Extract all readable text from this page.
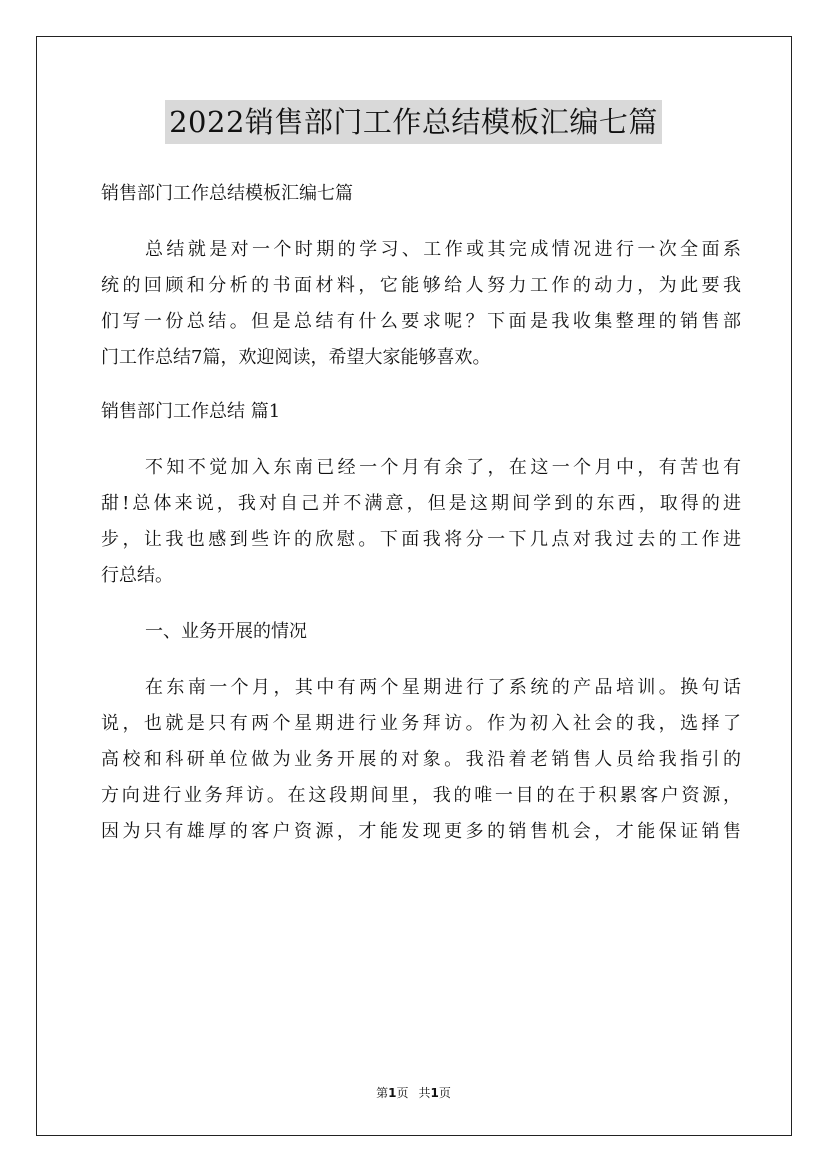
2022销售部门工作总结模板汇编七篇

销售部门工作总结模板汇编七篇

总结就是对一个时期的学习、工作或其完成情况进行一次全面系

统的回顾和分析的书面材料，它能够给人努力工作的动力，为此要我

们写一份总结。但是总结有什么要求呢？下面是我收集整理的销售部

门工作总结7篇，欢迎阅读，希望大家能够喜欢。

销售部门工作总结 篇1

不知不觉加入东南已经一个月有余了，在这一个月中，有苦也有

甜!总体来说，我对自己并不满意，但是这期间学到的东西，取得的进

步，让我也感到些许的欣慰。下面我将分一下几点对我过去的工作进

行总结。

一、业务开展的情况

在东南一个月，其中有两个星期进行了系统的产品培训。换句话

说，也就是只有两个星期进行业务拜访。作为初入社会的我，选择了

高校和科研单位做为业务开展的对象。我沿着老销售人员给我指引的

方向进行业务拜访。在这段期间里，我的唯一目的在于积累客户资源，

因为只有雄厚的客户资源，才能发现更多的销售机会，才能保证销售

第1页 共1页
